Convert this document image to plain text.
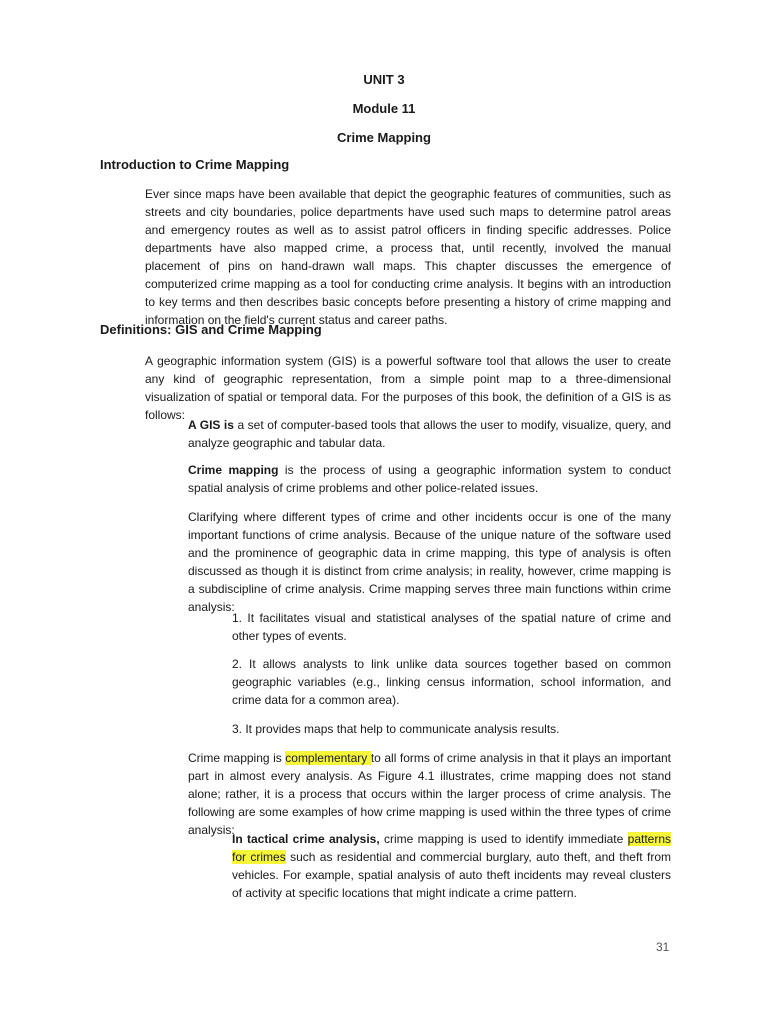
UNIT 3
Module 11
Crime Mapping
Introduction to Crime Mapping

Ever since maps have been available that depict the geographic features of communities, such as streets and city boundaries, police departments have used such maps to determine patrol areas and emergency routes as well as to assist patrol officers in finding specific addresses. Police departments have also mapped crime, a process that, until recently, involved the manual placement of pins on hand-drawn wall maps. This chapter discusses the emergence of computerized crime mapping as a tool for conducting crime analysis. It begins with an introduction to key terms and then describes basic concepts before presenting a history of crime mapping and information on the field's current status and career paths.

Definitions: GIS and Crime Mapping

A geographic information system (GIS) is a powerful software tool that allows the user to create any kind of geographic representation, from a simple point map to a three-dimensional visualization of spatial or temporal data. For the purposes of this book, the definition of a GIS is as follows:

A GIS is a set of computer-based tools that allows the user to modify, visualize, query, and analyze geographic and tabular data.

Crime mapping is the process of using a geographic information system to conduct spatial analysis of crime problems and other police-related issues.

Clarifying where different types of crime and other incidents occur is one of the many important functions of crime analysis. Because of the unique nature of the software used and the prominence of geographic data in crime mapping, this type of analysis is often discussed as though it is distinct from crime analysis; in reality, however, crime mapping is a subdiscipline of crime analysis. Crime mapping serves three main functions within crime analysis:

1. It facilitates visual and statistical analyses of the spatial nature of crime and other types of events.

2. It allows analysts to link unlike data sources together based on common geographic variables (e.g., linking census information, school information, and crime data for a common area).

3. It provides maps that help to communicate analysis results.

Crime mapping is complementary to all forms of crime analysis in that it plays an important part in almost every analysis. As Figure 4.1 illustrates, crime mapping does not stand alone; rather, it is a process that occurs within the larger process of crime analysis. The following are some examples of how crime mapping is used within the three types of crime analysis:

In tactical crime analysis, crime mapping is used to identify immediate patterns for crimes such as residential and commercial burglary, auto theft, and theft from vehicles. For example, spatial analysis of auto theft incidents may reveal clusters of activity at specific locations that might indicate a crime pattern.

31
